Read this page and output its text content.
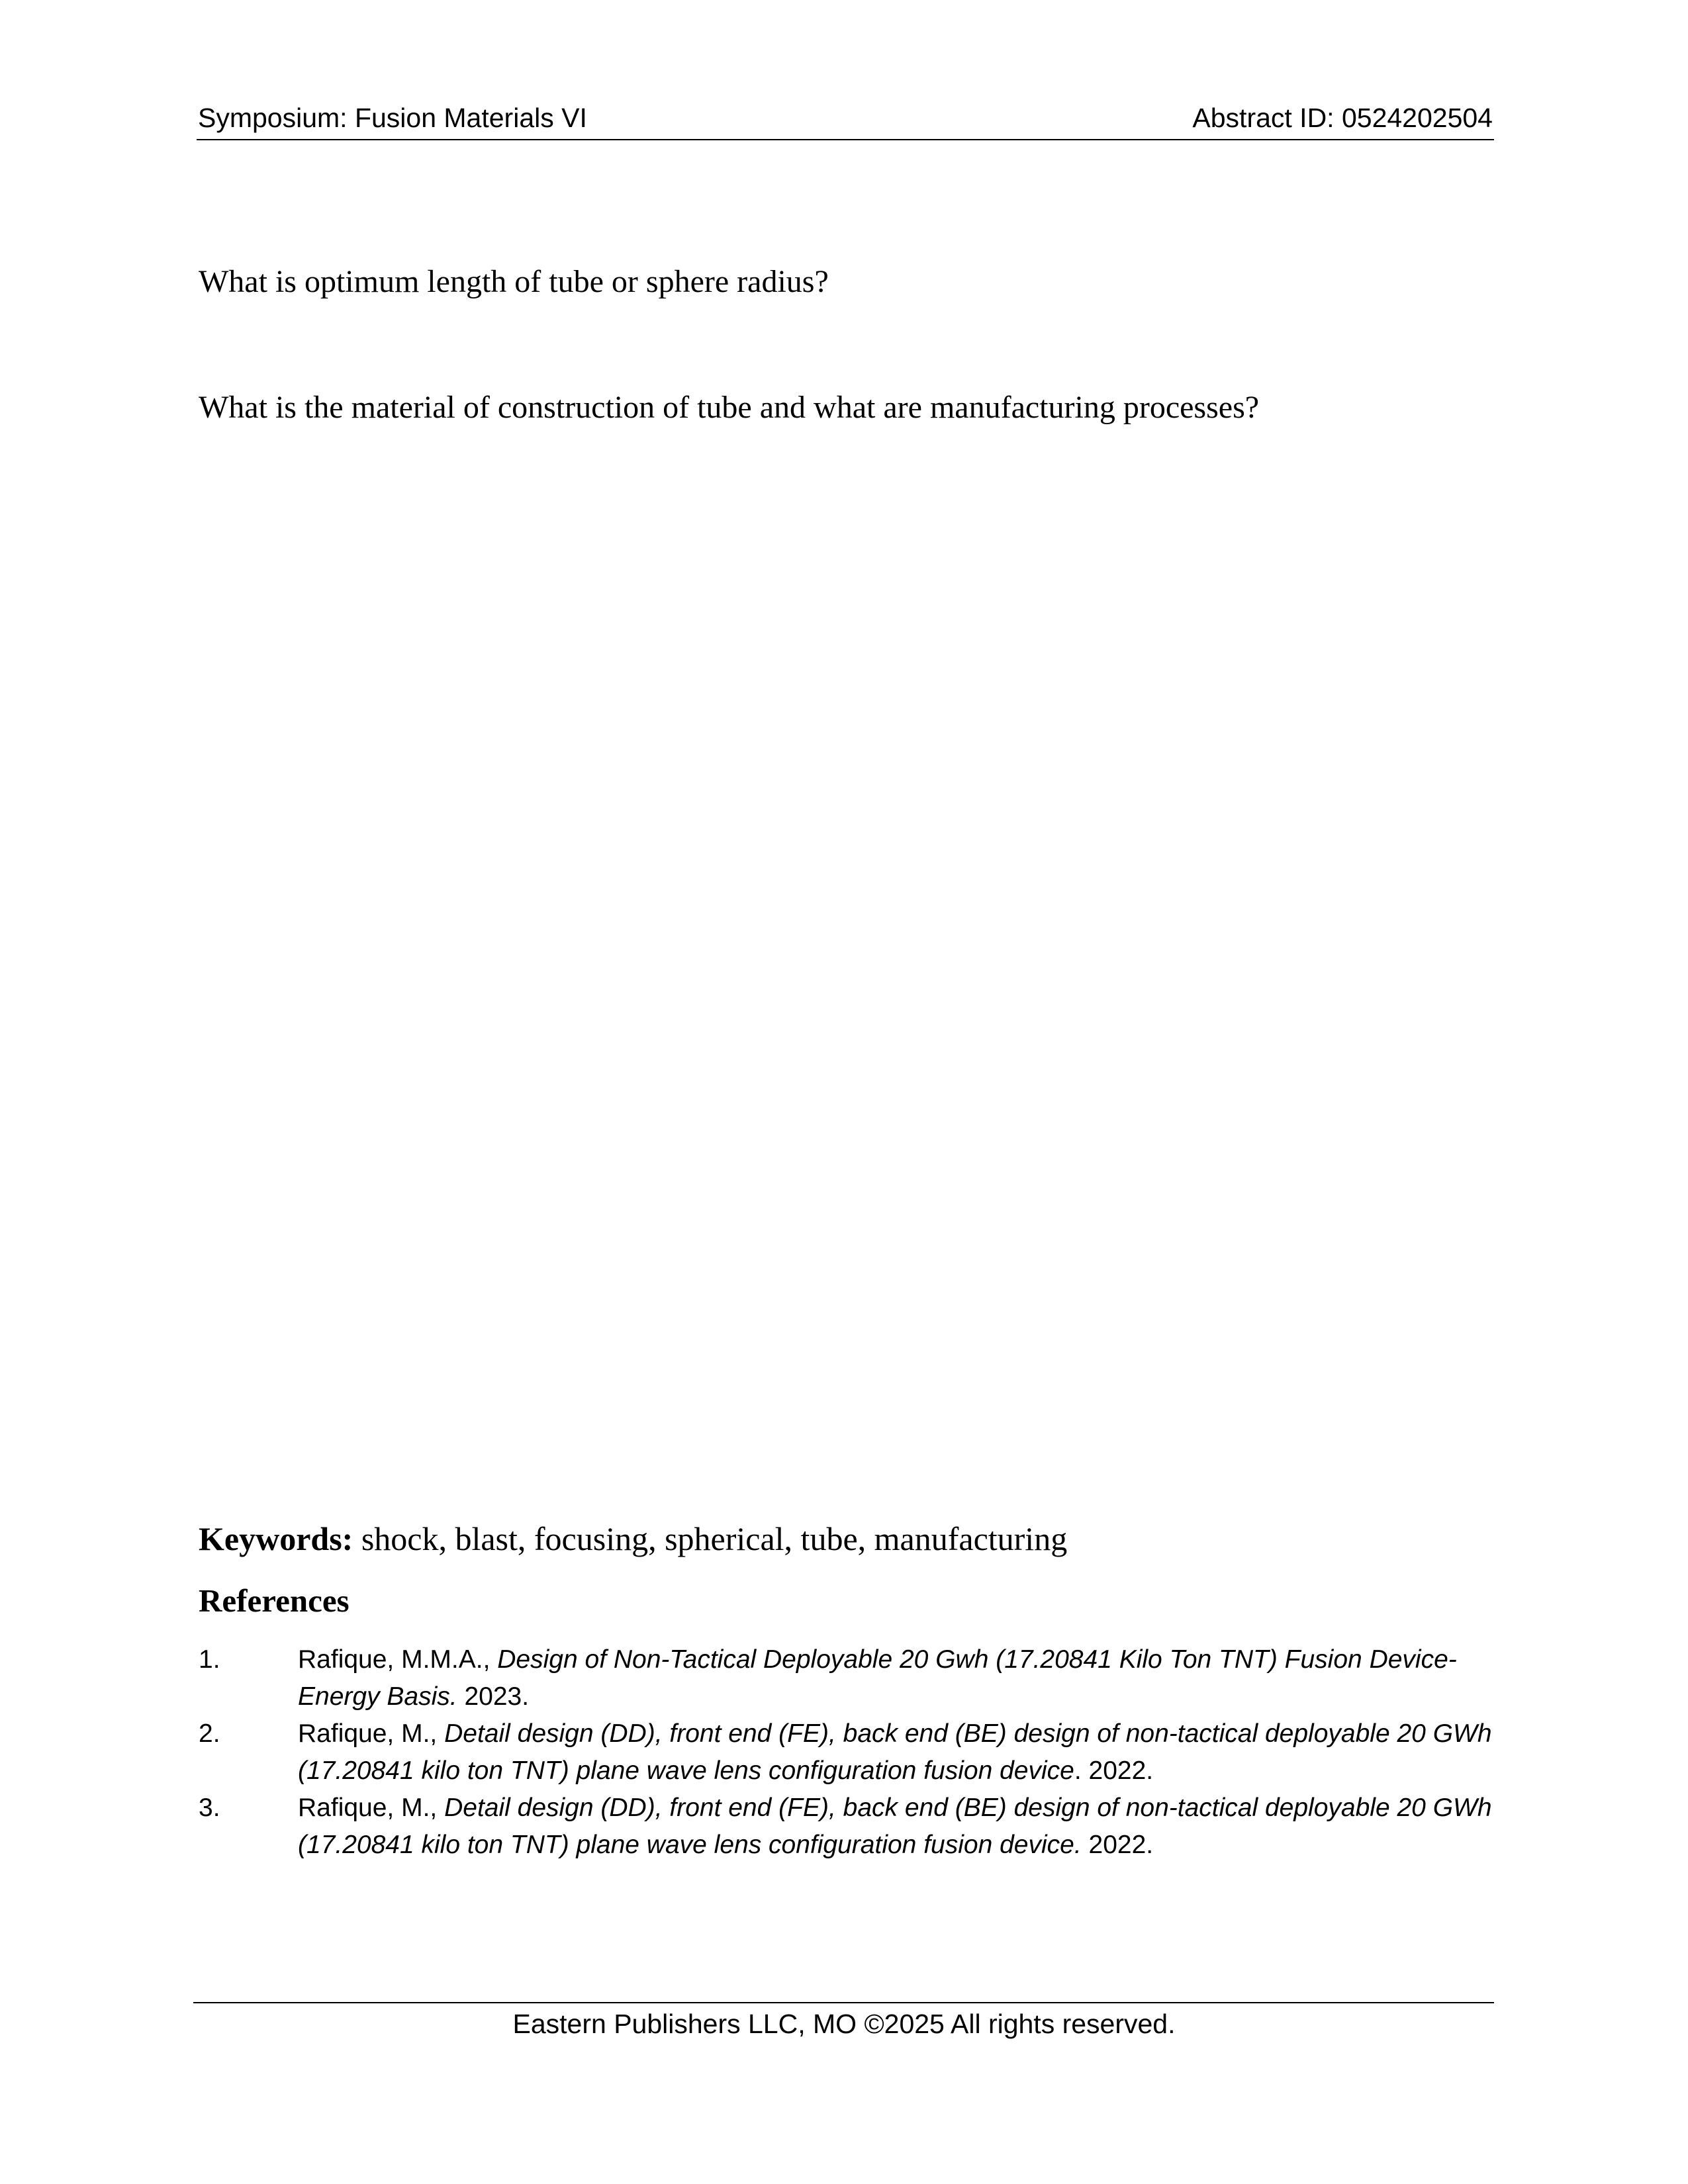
Symposium: Fusion Materials VI	Abstract ID: 0524202504
What is optimum length of tube or sphere radius?
What is the material of construction of tube and what are manufacturing processes?
Keywords: shock, blast, focusing, spherical, tube, manufacturing
References
1.	Rafique, M.M.A., Design of Non-Tactical Deployable 20 Gwh (17.20841 Kilo Ton TNT) Fusion Device-Energy Basis. 2023.
2.	Rafique, M., Detail design (DD), front end (FE), back end (BE) design of non-tactical deployable 20 GWh (17.20841 kilo ton TNT) plane wave lens configuration fusion device. 2022.
3.	Rafique, M., Detail design (DD), front end (FE), back end (BE) design of non-tactical deployable 20 GWh (17.20841 kilo ton TNT) plane wave lens configuration fusion device. 2022.
Eastern Publishers LLC, MO ©2025 All rights reserved.
